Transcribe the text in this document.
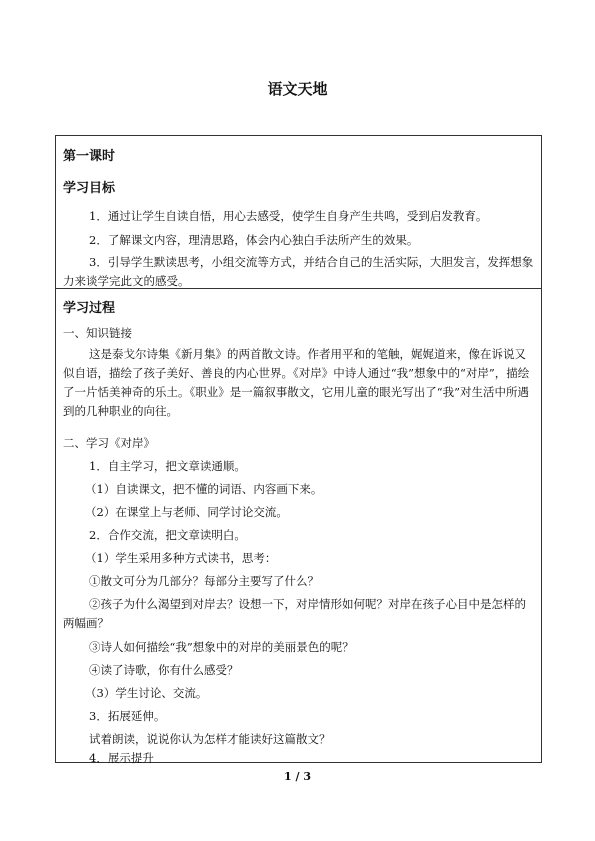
语文天地
第一课时
学习目标
1．通过让学生自读自悟，用心去感受，使学生自身产生共鸣，受到启发教育。
2．了解课文内容，理清思路，体会内心独白手法所产生的效果。
3．引导学生默读思考，小组交流等方式，并结合自己的生活实际，大胆发言，发挥想象力来谈学完此文的感受。
学习过程
一、知识链接
这是泰戈尔诗集《新月集》的两首散文诗。作者用平和的笔触，娓娓道来，像在诉说又似自语，描绘了孩子美好、善良的内心世界。《对岸》中诗人通过“我”想象中的“对岸”，描绘了一片恬美神奇的乐土。《职业》是一篇叙事散文，它用儿童的眼光写出了“我”对生活中所遇到的几种职业的向往。
二、学习《对岸》
1．自主学习，把文章读通顺。
（1）自读课文，把不懂的词语、内容画下来。
（2）在课堂上与老师、同学讨论交流。
2．合作交流，把文章读明白。
（1）学生采用多种方式读书，思考：
①散文可分为几部分？每部分主要写了什么？
②孩子为什么渴望到对岸去？设想一下，对岸情形如何呢？对岸在孩子心目中是怎样的两幅画？
③诗人如何描绘“我”想象中的对岸的美丽景色的呢？
④读了诗歌，你有什么感受？
（3）学生讨论、交流。
3．拓展延伸。
试着朗读，说说你认为怎样才能读好这篇散文？
4．展示提升
1 / 3
